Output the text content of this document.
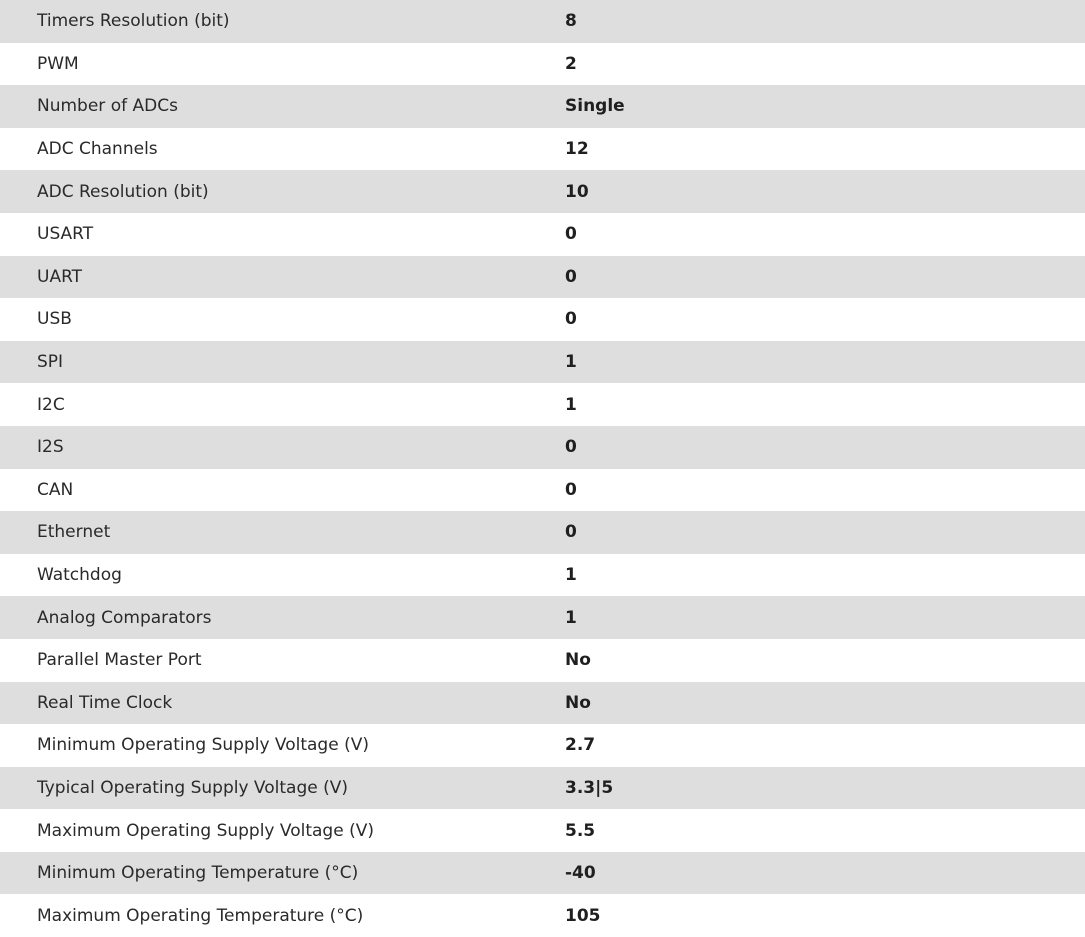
Timers Resolution (bit)	8
PWM	2
Number of ADCs	Single
ADC Channels	12
ADC Resolution (bit)	10
USART	0
UART	0
USB	0
SPI	1
I2C	1
I2S	0
CAN	0
Ethernet	0
Watchdog	1
Analog Comparators	1
Parallel Master Port	No
Real Time Clock	No
Minimum Operating Supply Voltage (V)	2.7
Typical Operating Supply Voltage (V)	3.3|5
Maximum Operating Supply Voltage (V)	5.5
Minimum Operating Temperature (°C)	-40
Maximum Operating Temperature (°C)	105
